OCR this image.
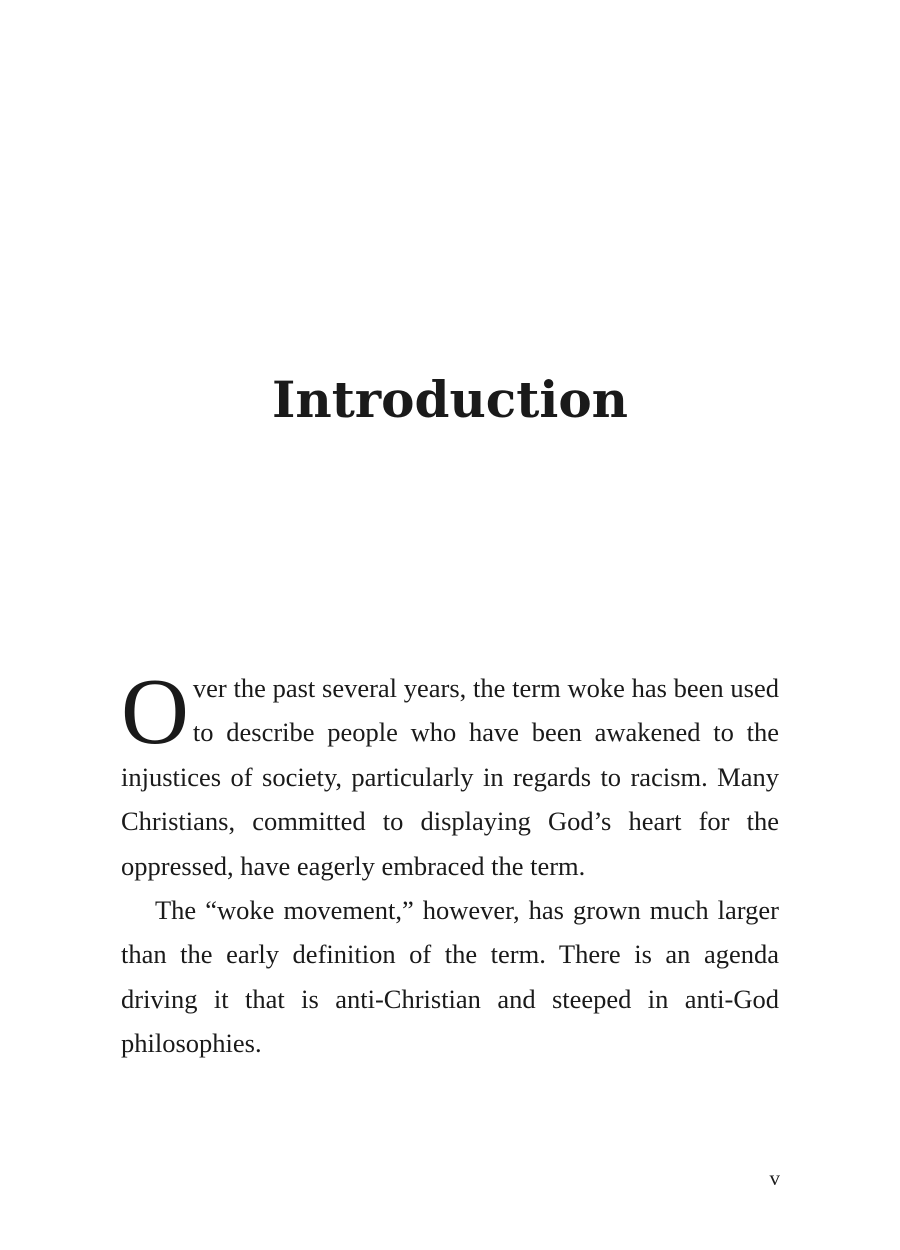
Introduction

Over the past several years, the term woke has been used to describe people who have been awakened to the injustices of society, particularly in regards to racism. Many Christians, committed to displaying God’s heart for the oppressed, have eagerly embraced the term.

The “woke movement,” however, has grown much larger than the early definition of the term. There is an agenda driving it that is anti-Christian and steeped in anti-God philosophies.

v
